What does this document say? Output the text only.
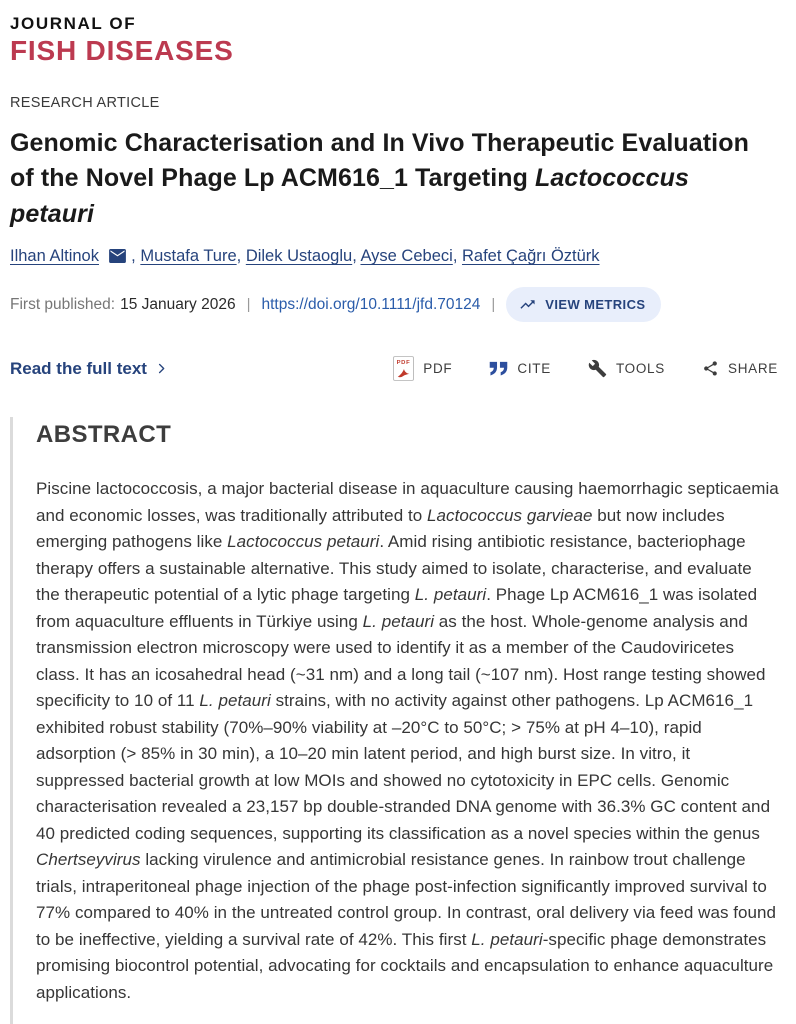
JOURNAL OF
FISH DISEASES
RESEARCH ARTICLE
Genomic Characterisation and In Vivo Therapeutic Evaluation
of the Novel Phage Lp ACM616_1 Targeting Lactococcus petauri
Ilhan Altinok , Mustafa Ture, Dilek Ustaoglu, Ayse Cebeci, Rafet Çağrı Öztürk
First published: 15 January 2026 | https://doi.org/10.1111/jfd.70124 |	VIEW METRICS
Read the full text	PDF PDF	CITE	TOOLS	SHARE
ABSTRACT

Piscine lactococcosis, a major bacterial disease in aquaculture causing haemorrhagic septicaemia and economic losses, was traditionally attributed to Lactococcus garvieae but now includes emerging pathogens like Lactococcus petauri. Amid rising antibiotic resistance, bacteriophage therapy offers a sustainable alternative. This study aimed to isolate, characterise, and evaluate the therapeutic potential of a lytic phage targeting L. petauri. Phage Lp ACM616_1 was isolated from aquaculture effluents in Türkiye using L. petauri as the host. Whole-genome analysis and transmission electron microscopy were used to identify it as a member of the Caudoviricetes class. It has an icosahedral head (~31 nm) and a long tail (~107 nm). Host range testing showed specificity to 10 of 11 L. petauri strains, with no activity against other pathogens. Lp ACM616_1 exhibited robust stability (70%–90% viability at –20°C to 50°C; > 75% at pH 4–10), rapid adsorption (> 85% in 30 min), a 10–20 min latent period, and high burst size. In vitro, it suppressed bacterial growth at low MOIs and showed no cytotoxicity in EPC cells. Genomic characterisation revealed a 23,157 bp double-stranded DNA genome with 36.3% GC content and 40 predicted coding sequences, supporting its classification as a novel species within the genus Chertseyvirus lacking virulence and antimicrobial resistance genes. In rainbow trout challenge trials, intraperitoneal phage injection of the phage post-infection significantly improved survival to 77% compared to 40% in the untreated control group. In contrast, oral delivery via feed was found to be ineffective, yielding a survival rate of 42%. This first L. petauri-specific phage demonstrates promising biocontrol potential, advocating for cocktails and encapsulation to enhance aquaculture applications.
